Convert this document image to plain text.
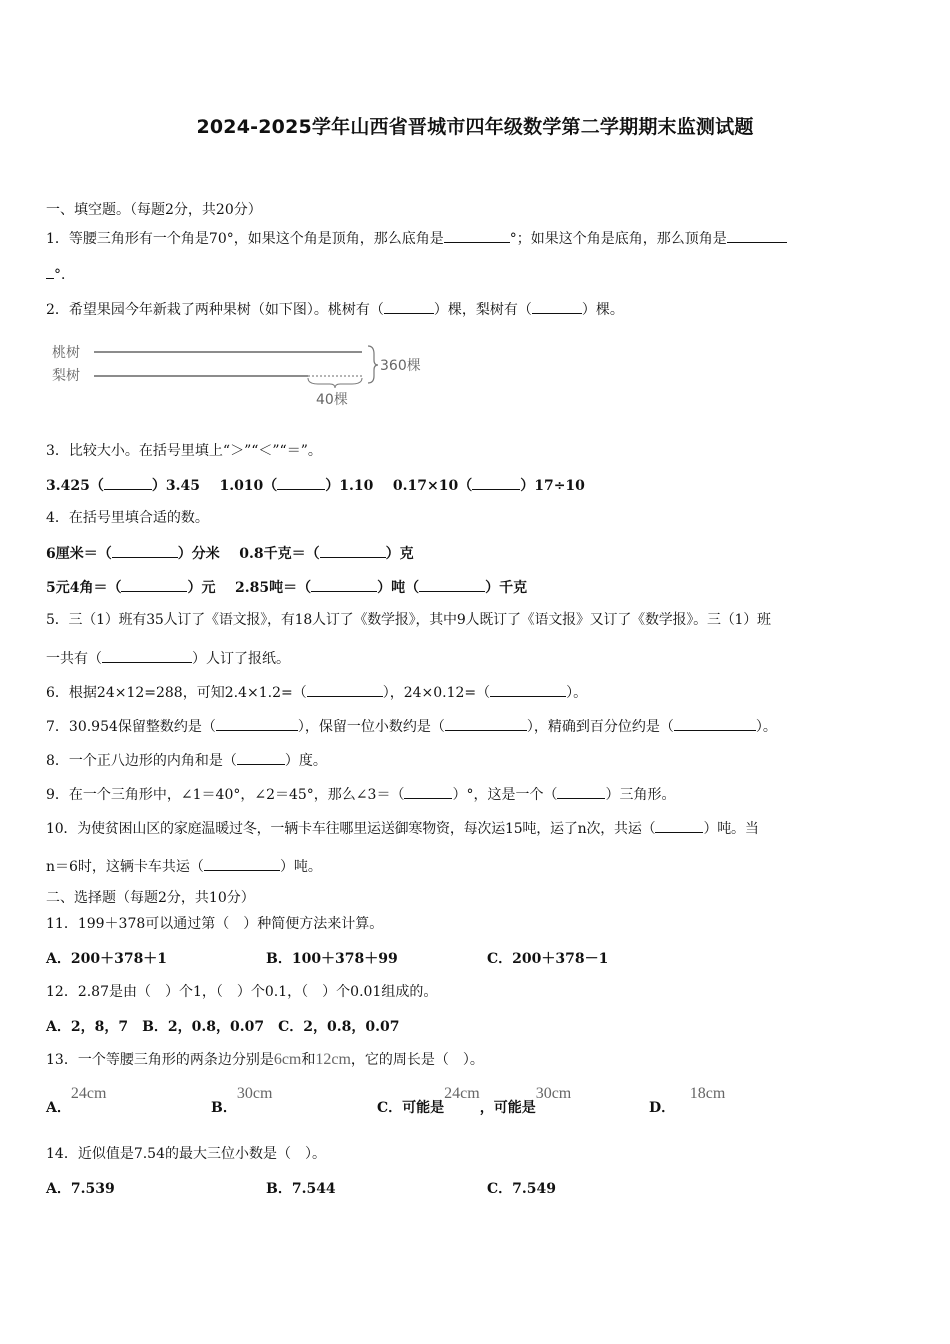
2024-2025学年山西省晋城市四年级数学第二学期期末监测试题
一、填空题。（每题2分，共20分）
1．等腰三角形有一个角是70°，如果这个角是顶角，那么底角是	°；如果这个角是底角，那么顶角是
°．
2．希望果园今年新栽了两种果树（如下图）。桃树有（	）棵，梨树有（	）棵。
桃树
梨树
360棵
40棵
3．比较大小。在括号里填上“＞”“＜”“＝”。
3.425（	）3.45 1.010（	）1.10 0.17×10（	）17÷10
4．在括号里填合适的数。
6厘米＝（	）分米 0.8千克＝（	）克
5元4角＝（	）元 2.85吨＝（	）吨（	）千克
5．三（1）班有35人订了《语文报》，有18人订了《数学报》，其中9人既订了《语文报》又订了《数学报》。三（1）班
一共有（	）人订了报纸。
6．根据24×12=288，可知2.4×1.2=（	），24×0.12=（	）。
7．30.954保留整数约是（	），保留一位小数约是（	），精确到百分位约是（	）。
8．一个正八边形的内角和是（	）度。
9．在一个三角形中，∠1＝40°，∠2＝45°，那么∠3＝（	）°，这是一个（	）三角形。
10．为使贫困山区的家庭温暖过冬，一辆卡车往哪里运送御寒物资，每次运15吨，运了n次，共运（	）吨。当
n＝6时，这辆卡车共运（	）吨。
二、选择题（每题2分，共10分）
11．199＋378可以通过第（　）种简便方法来计算。
A．200＋378＋1	B．100＋378＋99	C．200＋378－1
12．2.87是由（　）个1，（　）个0.1，（　）个0.01组成的。
A．2，8，7　B．2，0.8，0.07　C．2，0.8，0.07
13．一个等腰三角形的两条边分别是6cm和12cm，它的周长是（　）。
A．24cm
B．30cm
C．可能是24cm，可能是30cm
D．   18cm
14．近似值是7.54的最大三位小数是（　）。
A．7.539	B．7.544	C．7.549
